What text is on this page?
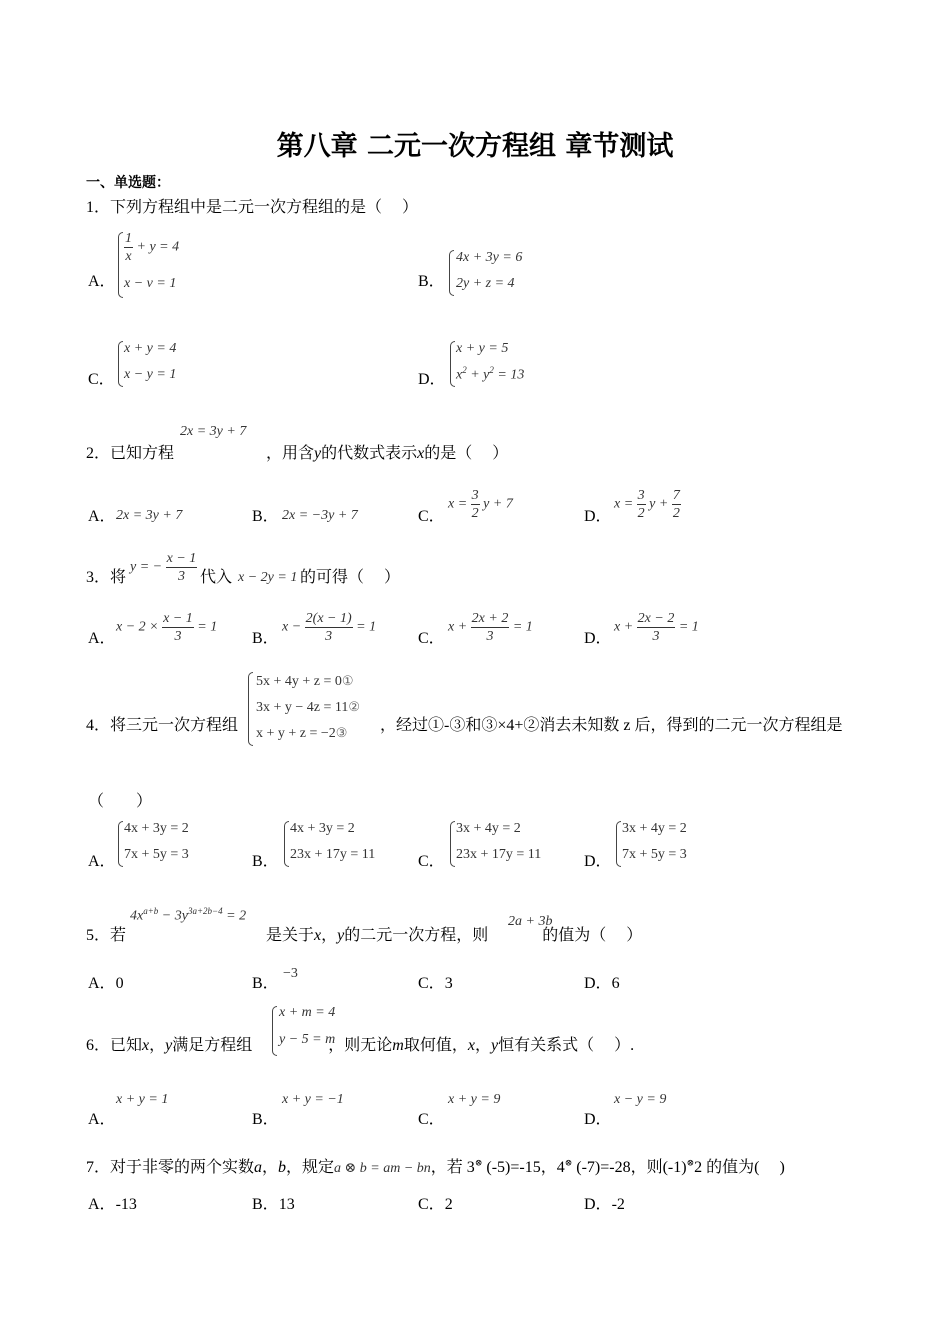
第八章 二元一次方程组 章节测试
一、单选题：
1．下列方程组中是二元一次方程组的是（　 ）
A．
$\frac{1}{x} + y = 4$
x − v = 1	B．
4x + 3y = 6
2y + z = 4
C．
x + y = 4
x − y = 1	D．
x + y = 5
$x^2 + y^2 = 13$
2．已知方程	，用含y的代数式表示x的是（　 ）
2x = 3y + 7
A． 2x = 3y + 7	B． 2x = −3y + 7	C．
$x = \frac{3}{2}$ y + 7
D．
$x = \frac{3}{2}$ $y + \frac{7}{2}$
3．将	代入	的可得（　 ）
y = − $\frac{x - 1}{3}$	x − 2y = 1
A．
$x - 2 \times \frac{x - 1}{3} = 1$
B．
$x - \frac{2(x - 1)}{3} = 1$
C．
$x + \frac{2x + 2}{3} = 1$
D．
$x + \frac{2x - 2}{3} = 1$
4．将三元一次方程组
5x + 4y + z = 0①
3x + y − 4z = 11②
x + y + z = −2③ ，经过①-③和③×4+②消去未知数 z 后，得到的二元一次方程组是
（　　）
A．
4x + 3y = 2
7x + 5y = 3	B．
4x + 3y = 2
23x + 17y = 11	C．
3x + 4y = 2
23x + 17y = 11	D．
3x + 4y = 2
7x + 5y = 3
5．若	是关于x，y的二元一次方程，则	的值为（　 ）
$4x^{a+b} - 3y^{3a+2b-4} = 2$	2a + 3b
A．0	B．
−3
C．3	D．6
6．已知x，y满足方程组	，则无论m取何值，x，y恒有关系式（　 ）.
x + m = 4
y − 5 = m
A．
x + y = 1
B．
x + y = −1
C．
x + y = 9
D．
x − y = 9
7．对于非零的两个实数a，b，规定a ⊗ b = am − bn，若 3⊗ (-5)=-15，4⊗ (-7)=-28，则(-1)⊗2 的值为(　 )
A．-13	B．13	C．2	D．-2
